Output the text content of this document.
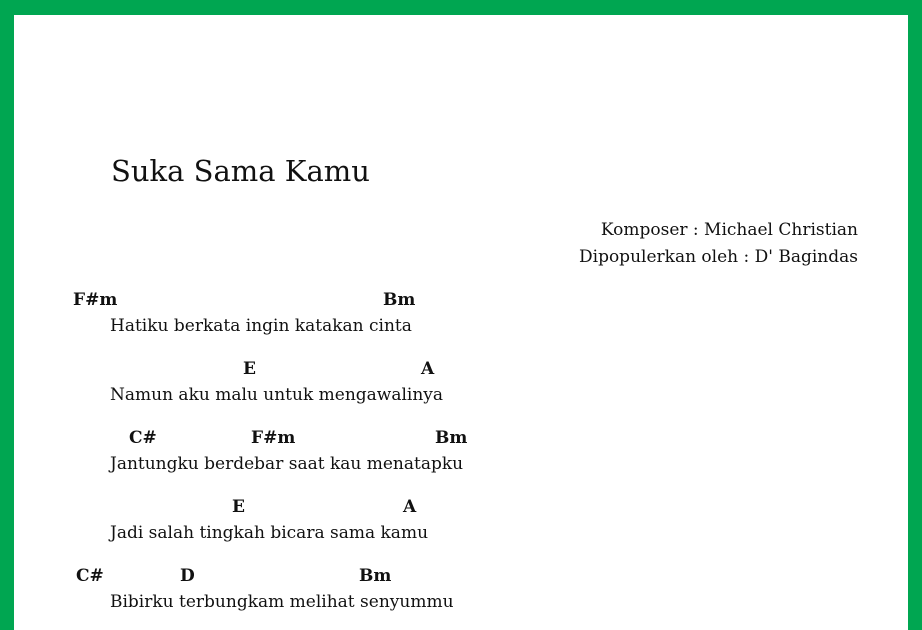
Suka Sama Kamu
Komposer : Michael Christian
Dipopulerkan oleh : D' Bagindas
F#m	Bm
Hatiku berkata ingin katakan cinta
E	A
Namun aku malu untuk mengawalinya
C#	F#m	Bm
Jantungku berdebar saat kau menatapku
E	A
Jadi salah tingkah bicara sama kamu
C#	D	Bm
Bibirku terbungkam melihat senyummu
